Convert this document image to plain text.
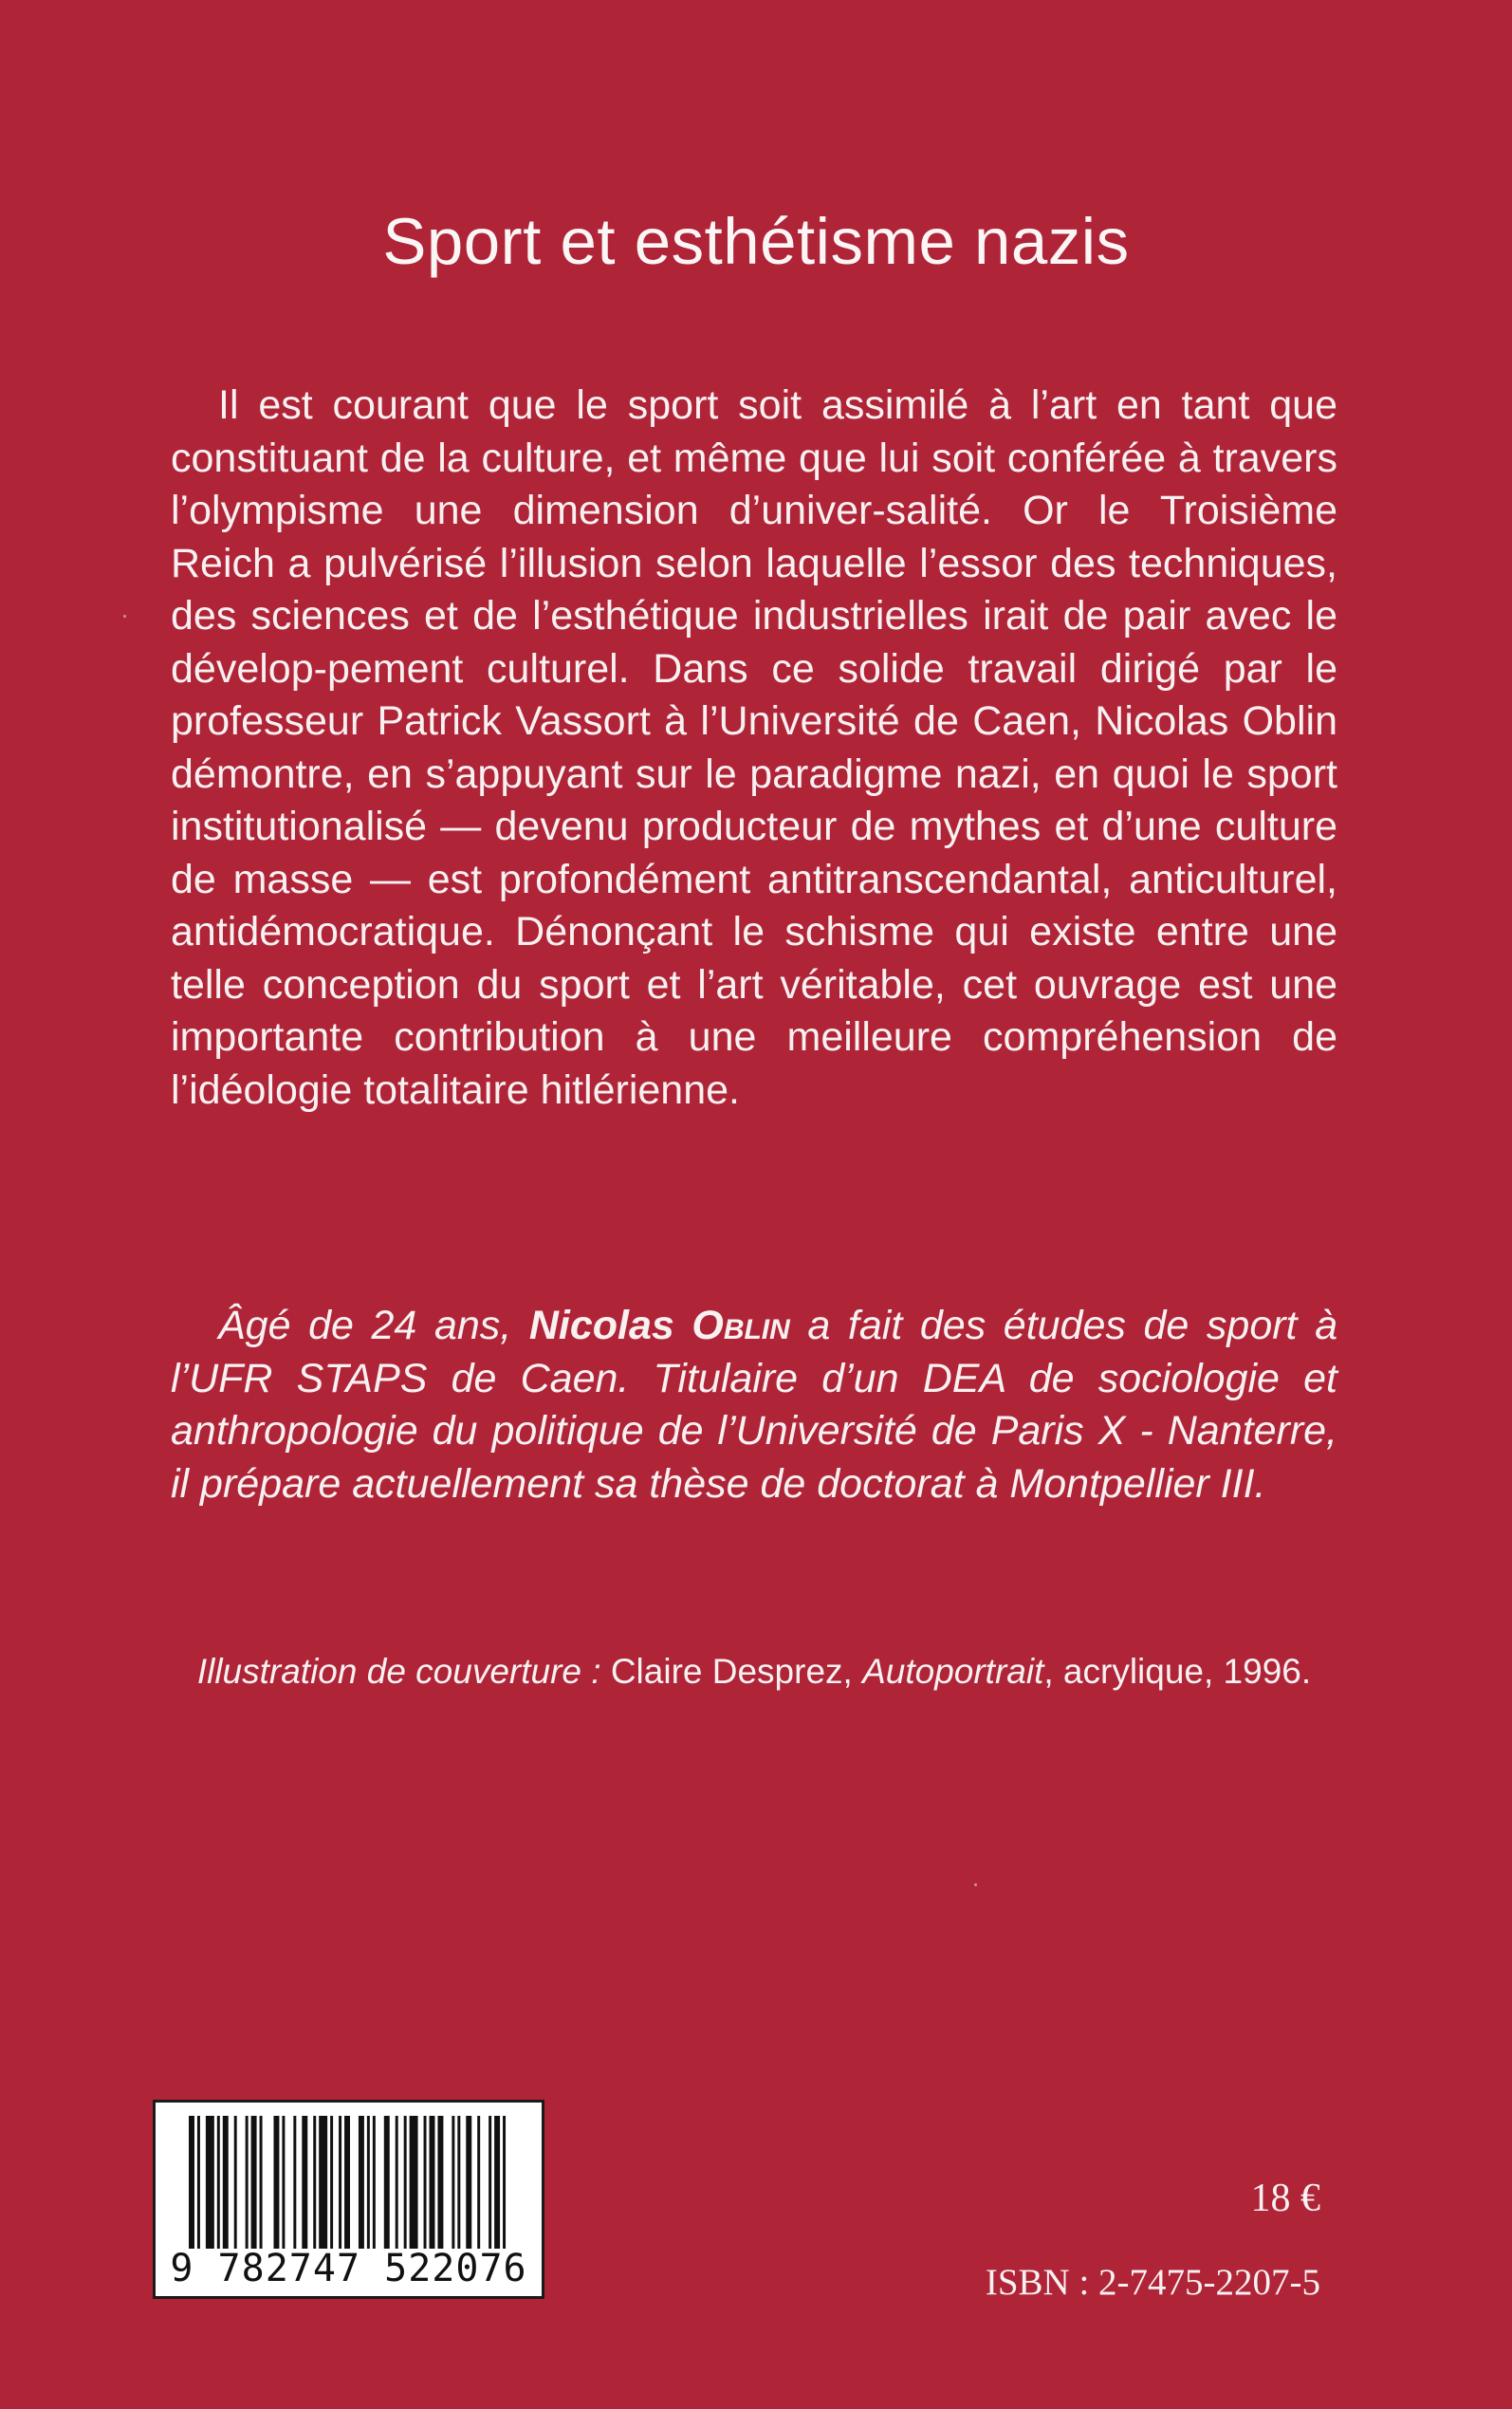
Sport et esthétisme nazis

Il est courant que le sport soit assimilé à l’art en tant que constituant de la culture, et même que lui soit conférée à travers l’olympisme une dimension d’univer-salité. Or le Troisième Reich a pulvérisé l’illusion selon laquelle l’essor des techniques, des sciences et de l’esthétique industrielles irait de pair avec le dévelop-pement culturel. Dans ce solide travail dirigé par le professeur Patrick Vassort à l’Université de Caen, Nicolas Oblin démontre, en s’appuyant sur le paradigme nazi, en quoi le sport institutionalisé — devenu producteur de mythes et d’une culture de masse — est profondément antitranscendantal, anticulturel, antidémocratique. Dénonçant le schisme qui existe entre une telle conception du sport et l’art véritable, cet ouvrage est une importante contribution à une meilleure compréhension de l’idéologie totalitaire hitlérienne.

Âgé de 24 ans, Nicolas Oblin a fait des études de sport à l’UFR STAPS de Caen. Titulaire d’un DEA de sociologie et anthropologie du politique de l’Université de Paris X - Nanterre, il prépare actuellement sa thèse de doctorat à Montpellier III.

Illustration de couverture : Claire Desprez, Autoportrait, acrylique, 1996.

9 782747 522076
18 €
ISBN : 2-7475-2207-5
